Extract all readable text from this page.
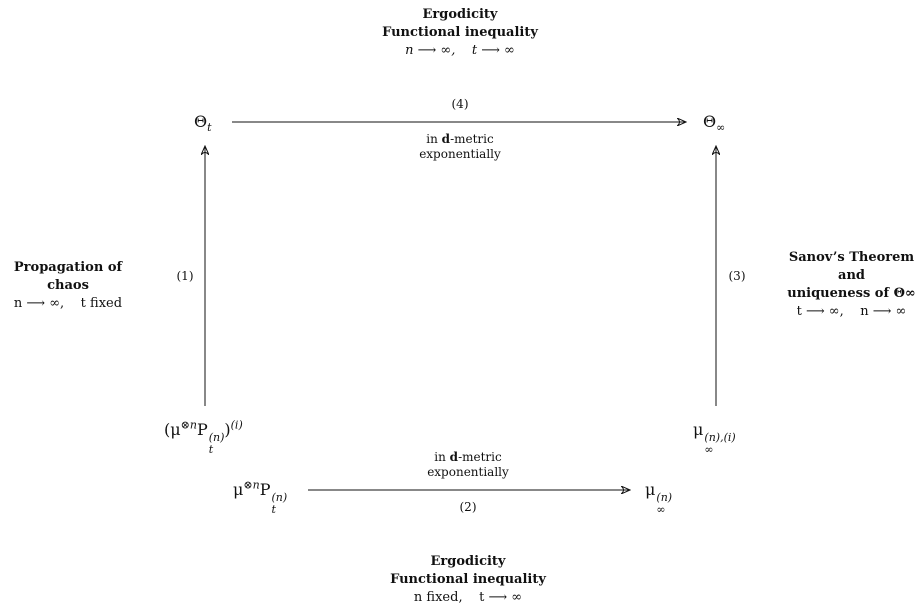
Ergodicity
Functional inequality
n ⟶ ∞,    t ⟶ ∞
Propagation of chaos
n ⟶ ∞,    t fixed
Sanov’s Theorem and
uniqueness of Θ∞
t ⟶ ∞,    n ⟶ ∞
Ergodicity
Functional inequality
n fixed,    t ⟶ ∞
$\Theta_t$	$\Theta_\infty$
($\mu^{\otimes n}P$ (n)
t
)$^{(i)}$	μ (n),(i)
∞
$\mu^{\otimes n}P$ (n)
t
μ (n)
∞
(4)
in d-metric
exponentially
(1)	(3)
in d-metric
exponentially
(2)
